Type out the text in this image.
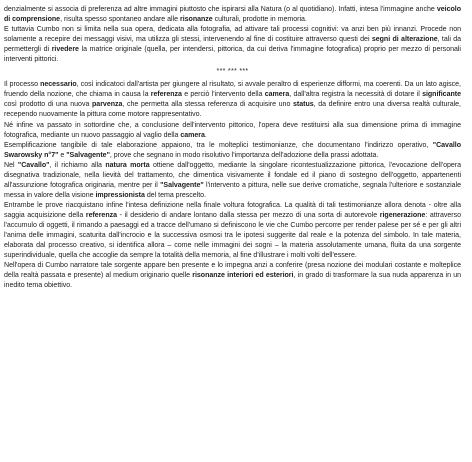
denzialmente si associa di preferenza ad altre immagini piuttosto che ispirarsi alla Natura (o al quotidiano). Infatti, intesa l'immagine anche veicolo di comprensione, risulta spesso spontaneo andare alle risonanze culturali, prodotte in memoria.

E tuttavia Cumbo non si limita nella sua opera, dedicata alla fotografia, ad attivare tali processi cognitivi: va anzi ben più innanzi. Procede non solamente a recepire dei messaggi visivi, ma utilizza gli stessi, intervenendo al fine di costituire attraverso questi dei segni di alterazione, tali da permettergli di rivedere la matrice originale (quella, per intendersi, pittorica, da cui deriva l'immagine fotografica) proprio per mezzo di personali interventi pittorici.

*** *** ***

Il processo necessario, così indicatoci dall'artista per giungere al risultato, si avvale peraltro di esperienze difformi, ma coerenti. Da un lato agisce, fruendo della nozione, che chiama in causa la referenza e perciò l'intervento della camera, dall'altra registra la necessità di dotare il significante così prodotto di una nuova parvenza, che permetta alla stessa referenza di acquisire uno status, da definire entro una diversa realtà culturale, recependo nuovamente la pittura come motore rappresentativo.

Né infine va passato in sottordine che, a conclusione dell'intervento pittorico, l'opera deve restituirsi alla sua dimensione prima di immagine fotografica, mediante un nuovo passaggio al vaglio della camera.

Esemplificazione tangibile di tale elaborazione appaiono, tra le molteplici testimonianze, che documentano l'indirizzo operativo, "Cavallo Swarowsky n°7" e "Salvagente", prove che segnano in modo risolutivo l'importanza dell'adozione della prassi adottata.

Nel "Cavallo", il richiamo alla natura morta ottiene dall'oggetto, mediante la singolare ricontestualizzazione pittorica, l'evocazione dell'opera disegnativa tradizionale, nella lievità del trattamento, che dimentica visivamente il fondale ed il piano di sostegno dell'oggetto, appartenenti all'assunzione fotografica originaria, mentre per il "Salvagente" l'intervento a pittura, nelle sue derive cromatiche, segnala l'ulteriore e sostanziale messa in valore della visione impressionista del tema prescelto.

Entrambe le prove riacquistano infine l'intesa definizione nella finale voltura fotografica. La qualità di tali testimonianze allora denota - oltre alla saggia acquisizione della referenza - il desiderio di andare lontano dalla stessa per mezzo di una sorta di autorevole rigenerazione: attraverso l'accumulo di oggetti, il rimando a paesaggi ed a tracce dell'umano si definiscono le vie che Cumbo percorre per render palese per sé e per gli altri l'anima delle immagini, scaturita dall'incrocio e la successiva osmosi tra le ipotesi suggerite dal reale e la potenza del simbolo. In tale materia, elaborata dal processo creativo, si identifica allora – come nelle immagini dei sogni – la materia assolutamente umana, fluita da una sorgente superindividuale, quella che accoglie da sempre la totalità della memoria, al fine d'illustrare i molti volti dell'essere.

Nell'opera di Cumbo narratore tale sorgente appare ben presente e lo impegna anzi a conferire (presa nozione dei modulari costante e molteplice della realtà passata e presente) al medium originario quelle risonanze interiori ed esteriori, in grado di trasformare la sua nuda apparenza in un inedito tema obiettivo.
